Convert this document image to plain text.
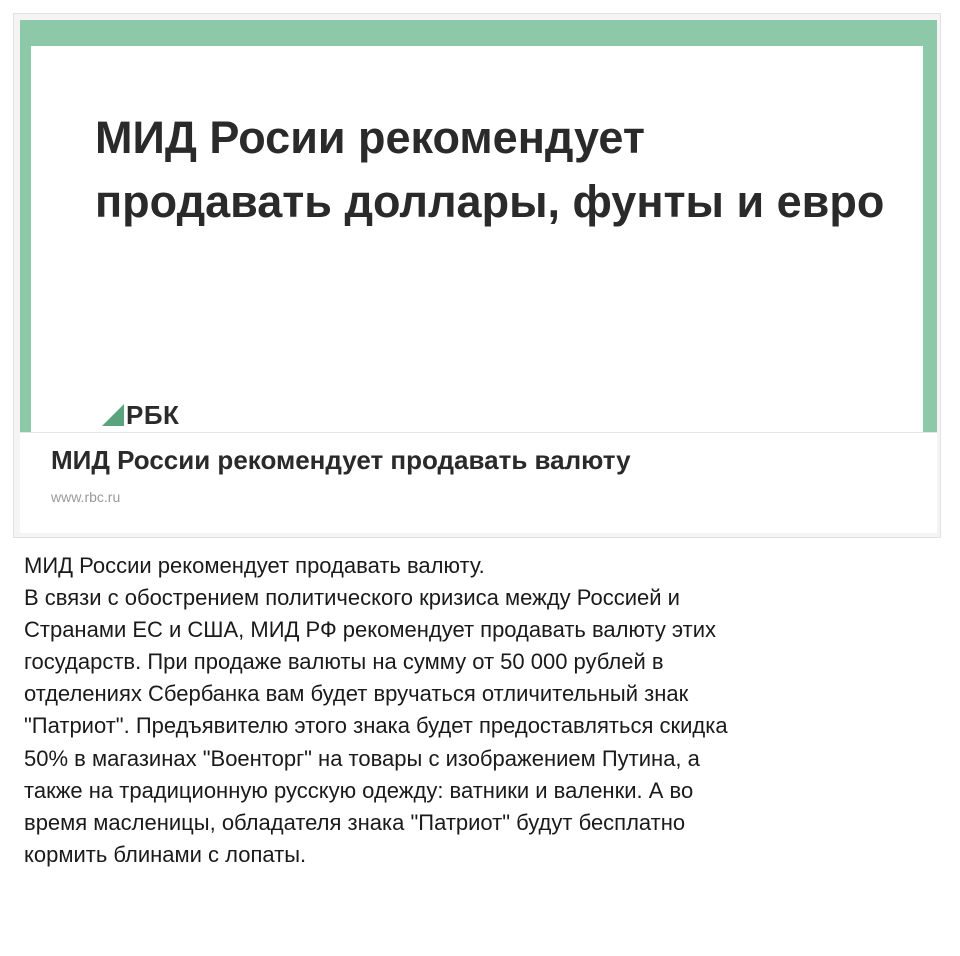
МИД Росии рекомендует
продавать доллары, фунты и евро
РБК
МИД России рекомендует продавать валюту
www.rbc.ru
МИД России рекомендует продавать валюту.
В связи с обострением политического кризиса между Россией и
Странами ЕС и США, МИД РФ рекомендует продавать валюту этих
государств. При продаже валюты на сумму от 50 000 рублей в
отделениях Сбербанка вам будет вручаться отличительный знак
"Патриот". Предъявителю этого знака будет предоставляться скидка
50% в магазинах "Военторг" на товары с изображением Путина, а
также на традиционную русскую одежду: ватники и валенки. А во
время масленицы, обладателя знака "Патриот" будут бесплатно
кормить блинами с лопаты.
